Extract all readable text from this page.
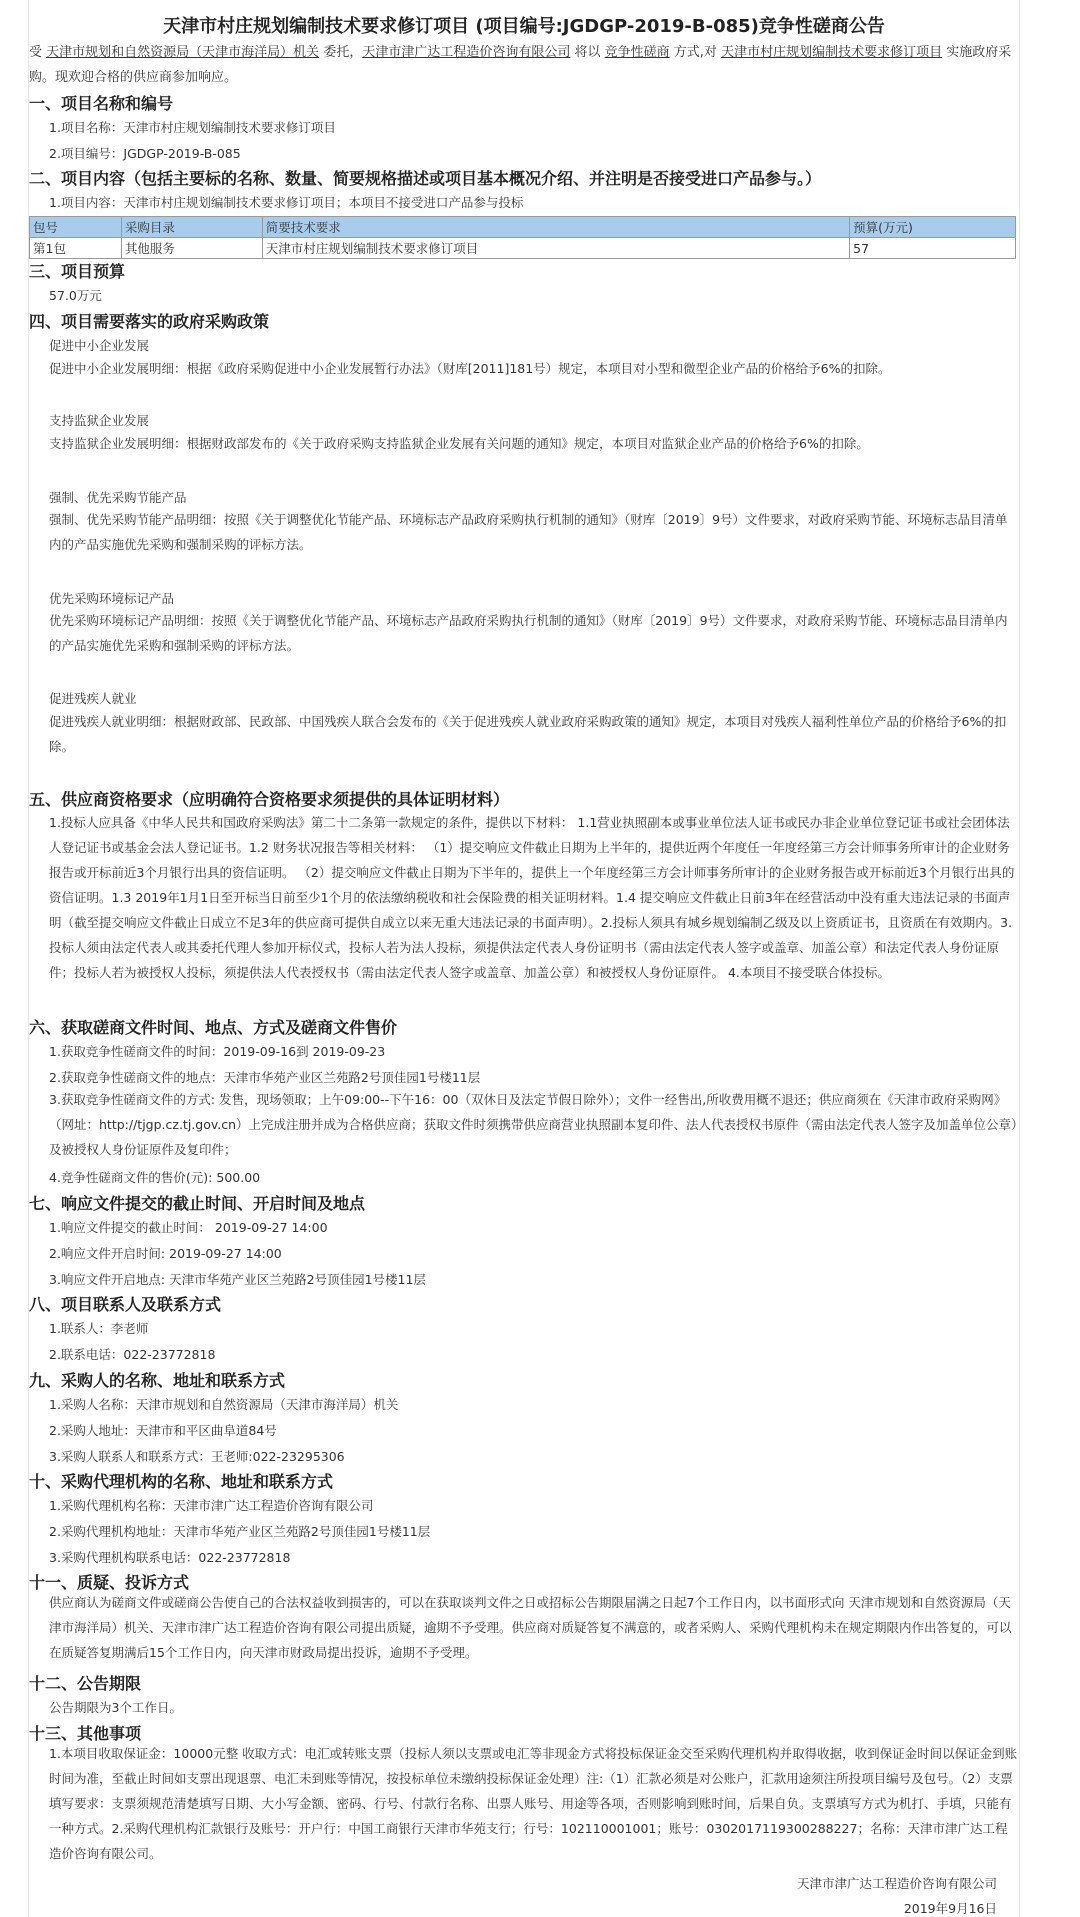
天津市村庄规划编制技术要求修订项目 (项目编号:JGDGP-2019-B-085)竞争性磋商公告
受 天津市规划和自然资源局（天津市海洋局）机关 委托，天津市津广达工程造价咨询有限公司 将以 竞争性磋商 方式,对 天津市村庄规划编制技术要求修订项目 实施政府采购。现欢迎合格的供应商参加响应。
一、项目名称和编号
1.项目名称：天津市村庄规划编制技术要求修订项目
2.项目编号：JGDGP-2019-B-085
二、项目内容（包括主要标的名称、数量、简要规格描述或项目基本概况介绍、并注明是否接受进口产品参与。）
1.项目内容：天津市村庄规划编制技术要求修订项目；本项目不接受进口产品参与投标
包号	采购目录	简要技术要求	预算(万元)
第1包	其他服务	天津市村庄规划编制技术要求修订项目	57
三、项目预算
57.0万元
四、项目需要落实的政府采购政策
促进中小企业发展
促进中小企业发展明细：根据《政府采购促进中小企业发展暂行办法》（财库[2011]181号）规定，本项目对小型和微型企业产品的价格给予6%的扣除。
支持监狱企业发展
支持监狱企业发展明细：根据财政部发布的《关于政府采购支持监狱企业发展有关问题的通知》规定，本项目对监狱企业产品的价格给予6%的扣除。
强制、优先采购节能产品
强制、优先采购节能产品明细：按照《关于调整优化节能产品、环境标志产品政府采购执行机制的通知》（财库〔2019〕9号）文件要求，对政府采购节能、环境标志品目清单内的产品实施优先采购和强制采购的评标方法。
优先采购环境标记产品
优先采购环境标记产品明细：按照《关于调整优化节能产品、环境标志产品政府采购执行机制的通知》（财库〔2019〕9号）文件要求，对政府采购节能、环境标志品目清单内的产品实施优先采购和强制采购的评标方法。
促进残疾人就业
促进残疾人就业明细：根据财政部、民政部、中国残疾人联合会发布的《关于促进残疾人就业政府采购政策的通知》规定，本项目对残疾人福利性单位产品的价格给予6%的扣除。
五、供应商资格要求（应明确符合资格要求须提供的具体证明材料）
1.投标人应具备《中华人民共和国政府采购法》第二十二条第一款规定的条件，提供以下材料： 1.1营业执照副本或事业单位法人证书或民办非企业单位登记证书或社会团体法人登记证书或基金会法人登记证书。1.2 财务状况报告等相关材料： （1）提交响应文件截止日期为上半年的，提供近两个年度任一年度经第三方会计师事务所审计的企业财务报告或开标前近3个月银行出具的资信证明。 （2）提交响应文件截止日期为下半年的，提供上一个年度经第三方会计师事务所审计的企业财务报告或开标前近3个月银行出具的资信证明。1.3 2019年1月1日至开标当日前至少1个月的依法缴纳税收和社会保险费的相关证明材料。1.4 提交响应文件截止日前3年在经营活动中没有重大违法记录的书面声明（截至提交响应文件截止日成立不足3年的供应商可提供自成立以来无重大违法记录的书面声明）。2.投标人须具有城乡规划编制乙级及以上资质证书，且资质在有效期内。3.投标人须由法定代表人或其委托代理人参加开标仪式，投标人若为法人投标，须提供法定代表人身份证明书（需由法定代表人签字或盖章、加盖公章）和法定代表人身份证原件；投标人若为被授权人投标，须提供法人代表授权书（需由法定代表人签字或盖章、加盖公章）和被授权人身份证原件。 4.本项目不接受联合体投标。
六、获取磋商文件时间、地点、方式及磋商文件售价
1.获取竞争性磋商文件的时间：2019-09-16到 2019-09-23
2.获取竞争性磋商文件的地点：天津市华苑产业区兰苑路2号顶佳园1号楼11层
3.获取竞争性磋商文件的方式: 发售，现场领取；上午09:00--下午16：00（双休日及法定节假日除外）；文件一经售出,所收费用概不退还；供应商须在《天津市政府采购网》（网址：http://tjgp.cz.tj.gov.cn）上完成注册并成为合格供应商；获取文件时须携带供应商营业执照副本复印件、法人代表授权书原件（需由法定代表人签字及加盖单位公章）及被授权人身份证原件及复印件；
4.竞争性磋商文件的售价(元): 500.00
七、响应文件提交的截止时间、开启时间及地点
1.响应文件提交的截止时间： 2019-09-27 14:00
2.响应文件开启时间: 2019-09-27 14:00
3.响应文件开启地点: 天津市华苑产业区兰苑路2号顶佳园1号楼11层
八、项目联系人及联系方式
1.联系人：李老师
2.联系电话：022-23772818
九、采购人的名称、地址和联系方式
1.采购人名称：天津市规划和自然资源局（天津市海洋局）机关
2.采购人地址：天津市和平区曲阜道84号
3.采购人联系人和联系方式：王老师:022-23295306
十、采购代理机构的名称、地址和联系方式
1.采购代理机构名称：天津市津广达工程造价咨询有限公司
2.采购代理机构地址：天津市华苑产业区兰苑路2号顶佳园1号楼11层
3.采购代理机构联系电话：022-23772818
十一、质疑、投诉方式
供应商认为磋商文件或磋商公告使自己的合法权益收到损害的，可以在获取谈判文件之日或招标公告期限届满之日起7个工作日内，以书面形式向 天津市规划和自然资源局（天津市海洋局）机关、天津市津广达工程造价咨询有限公司提出质疑，逾期不予受理。供应商对质疑答复不满意的，或者采购人、采购代理机构未在规定期限内作出答复的，可以在质疑答复期满后15个工作日内，向天津市财政局提出投诉，逾期不予受理。
十二、公告期限
公告期限为3个工作日。
十三、其他事项
1.本项目收取保证金：10000元整 收取方式：电汇或转账支票（投标人须以支票或电汇等非现金方式将投标保证金交至采购代理机构并取得收据，收到保证金时间以保证金到账时间为准，至截止时间如支票出现退票、电汇未到账等情况，按投标单位未缴纳投标保证金处理）注:（1）汇款必须是对公账户，汇款用途须注所投项目编号及包号。（2）支票填写要求：支票须规范清楚填写日期、大小写金额、密码、行号、付款行名称、出票人账号、用途等各项，否则影响到账时间，后果自负。支票填写方式为机打、手填，只能有一种方式。2.采购代理机构汇款银行及账号：开户行：中国工商银行天津市华苑支行；行号：102110001001；账号：0302017119300288227；名称：天津市津广达工程造价咨询有限公司。
天津市津广达工程造价咨询有限公司
2019年9月16日
